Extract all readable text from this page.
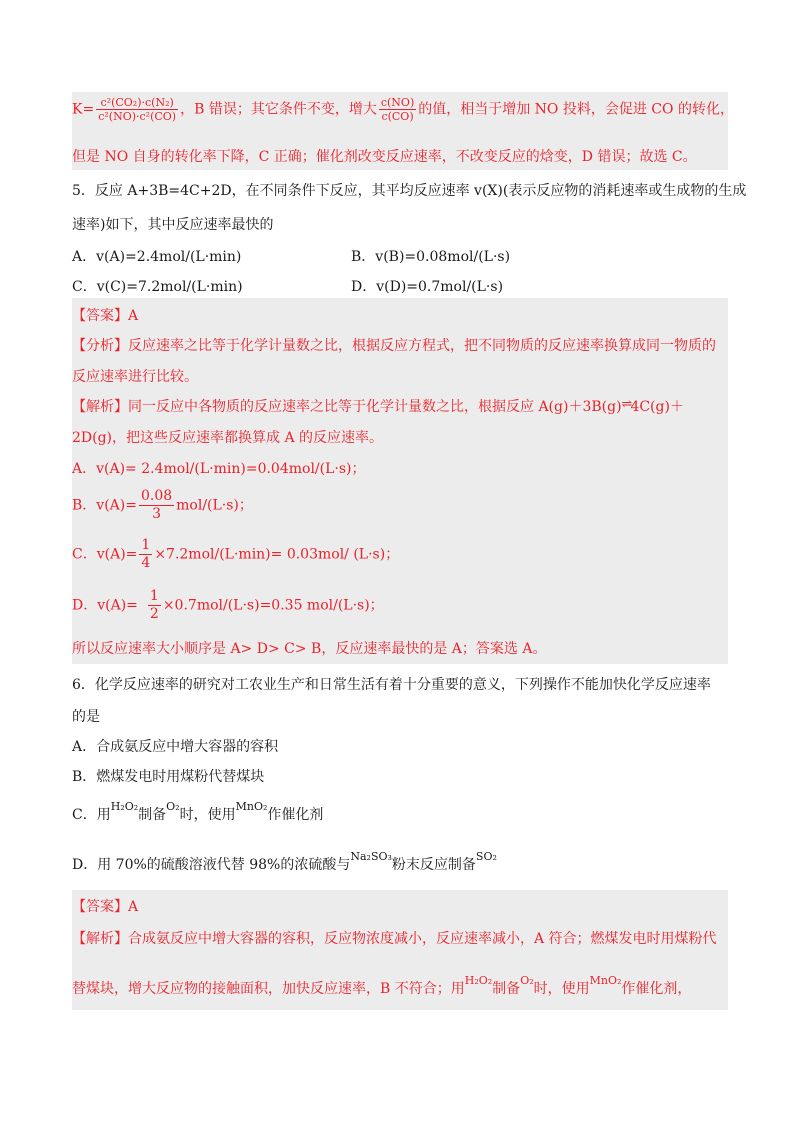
$K= \frac{\text{c²(CO₂)·c(N₂)}}{\text{c²(NO)·c²(CO)}}$ ，B 错误；其它条件不变，增大 $\frac{c(NO)}{c(CO)}$ 的值，相当于增加 NO 投料，会促进 CO 的转化，
但是 NO 自身的转化率下降，C 正确；催化剂改变反应速率，不改变反应的焓变，D 错误；故选 C。
5．反应 A+3B=4C+2D，在不同条件下反应，其平均反应速率 v(X)(表示反应物的消耗速率或生成物的生成
速率)如下，其中反应速率最快的
A．v(A)=2.4mol/(L·min)	B．v(B)=0.08mol/(L·s)
C．v(C)=7.2mol/(L·min)	D．v(D)=0.7mol/(L·s)
【答案】A
【分析】反应速率之比等于化学计量数之比，根据反应方程式，把不同物质的反应速率换算成同一物质的
反应速率进行比较。
【解析】同一反应中各物质的反应速率之比等于化学计量数之比，根据反应 A(g)＋3B(g)⇌4C(g)＋
2D(g)，把这些反应速率都换算成 A 的反应速率。
A．v(A)= 2.4mol/(L·min)=0.04mol/(L·s)；
B．$v(A)= \frac{0.08}{3} mol/(L\cdot s)$；
C．$v(A)= \frac{1}{4} \times 7.2mol/(L\cdot\min)= 0.03mol/$ (L·s)；
D．$v(A)= \frac{1}{2} \times 0.7mol/(L\cdot s)=0.35$ mol/(L·s)；
所以反应速率大小顺序是 A> D> C> B，反应速率最快的是 A；答案选 A。
6．化学反应速率的研究对工农业生产和日常生活有着十分重要的意义，下列操作不能加快化学反应速率
的是
A．合成氨反应中增大容器的容积
B．燃煤发电时用煤粉代替煤块
C．用H₂O₂制备O₂时，使用MnO₂作催化剂
D．用 70%的硫酸溶液代替 98%的浓硫酸与Na₂SO₃粉末反应制备SO₂
【答案】A
【解析】合成氨反应中增大容器的容积，反应物浓度减小，反应速率减小，A 符合；燃煤发电时用煤粉代
替煤块，增大反应物的接触面积，加快反应速率，B 不符合；用H₂O₂制备O₂时，使用MnO₂作催化剂，
